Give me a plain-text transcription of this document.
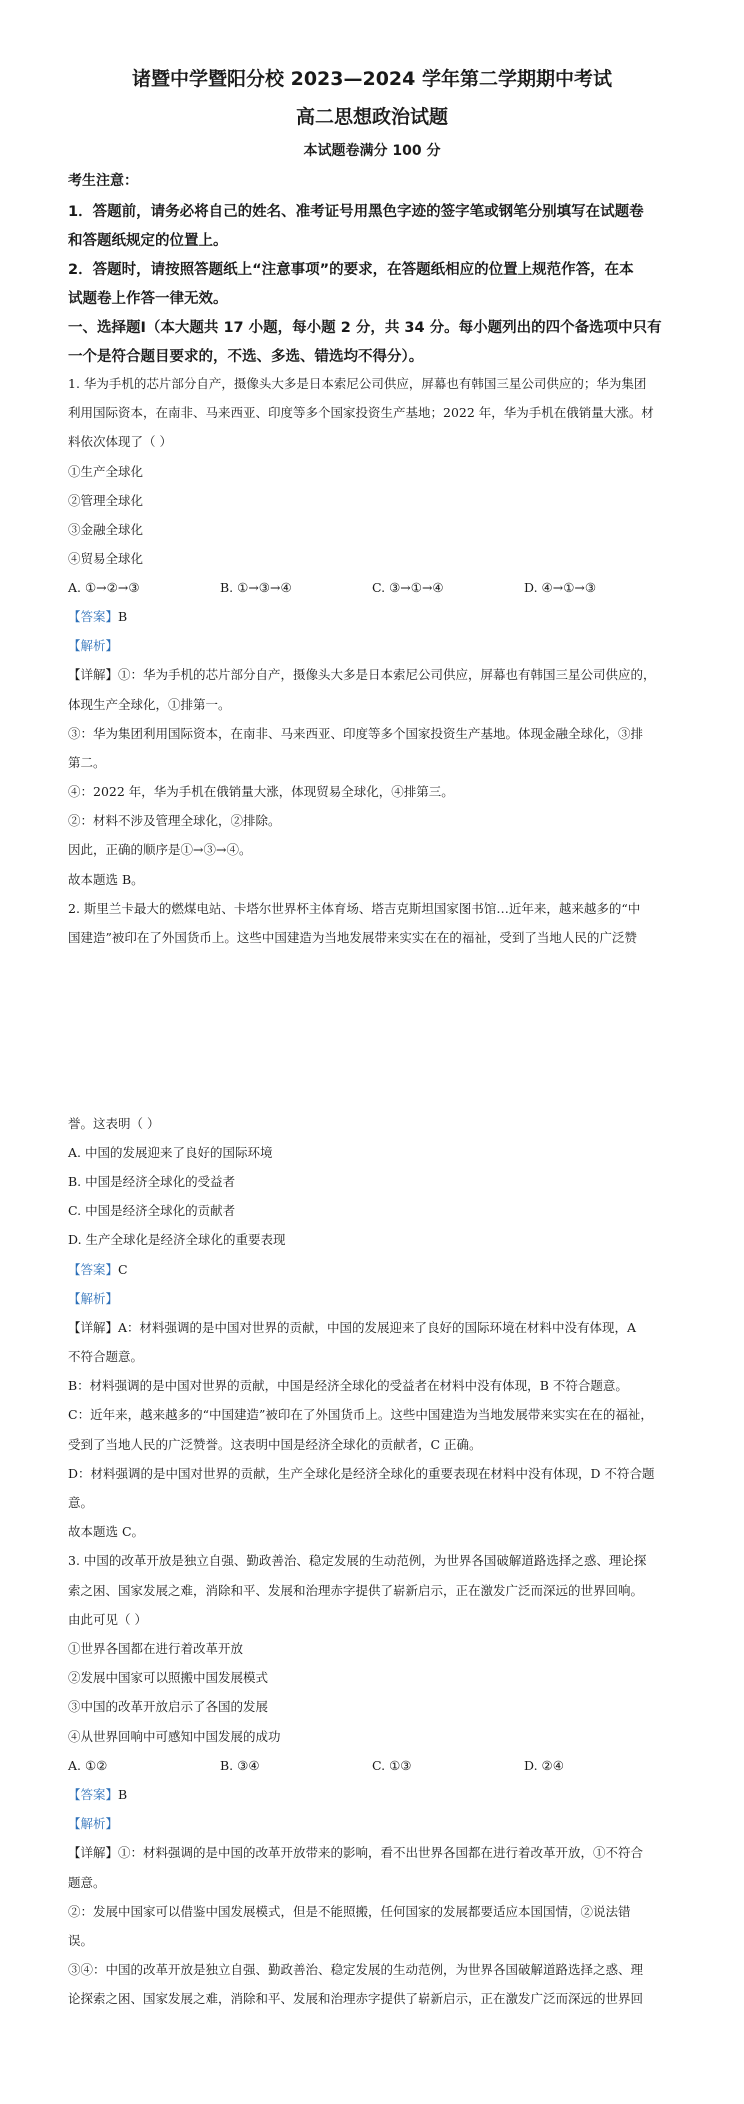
诸暨中学暨阳分校 2023—2024 学年第二学期期中考试
高二思想政治试题
本试题卷满分 100 分
考生注意：
1．答题前，请务必将自己的姓名、准考证号用黑色字迹的签字笔或钢笔分别填写在试题卷
和答题纸规定的位置上。
2．答题时，请按照答题纸上“注意事项”的要求，在答题纸相应的位置上规范作答，在本
试题卷上作答一律无效。
一、选择题Ⅰ（本大题共 17 小题，每小题 2 分，共 34 分。每小题列出的四个备选项中只有
一个是符合题目要求的，不选、多选、错选均不得分）。
1. 华为手机的芯片部分自产，摄像头大多是日本索尼公司供应，屏幕也有韩国三星公司供应的；华为集团
利用国际资本，在南非、马来西亚、印度等多个国家投资生产基地；2022 年，华为手机在俄销量大涨。材
料依次体现了（ ）
①生产全球化
②管理全球化
③金融全球化
④贸易全球化
A. ①→②→③	B. ①→③→④	C. ③→①→④	D. ④→①→③
【答案】B
【解析】
【详解】①：华为手机的芯片部分自产，摄像头大多是日本索尼公司供应，屏幕也有韩国三星公司供应的，
体现生产全球化，①排第一。
③：华为集团利用国际资本，在南非、马来西亚、印度等多个国家投资生产基地。体现金融全球化，③排
第二。
④：2022 年，华为手机在俄销量大涨，体现贸易全球化，④排第三。
②：材料不涉及管理全球化，②排除。
因此，正确的顺序是①→③→④。
故本题选 B。
2. 斯里兰卡最大的燃煤电站、卡塔尔世界杯主体育场、塔吉克斯坦国家图书馆…近年来，越来越多的“中
国建造”被印在了外国货币上。这些中国建造为当地发展带来实实在在的福祉，受到了当地人民的广泛赞
誉。这表明（ ）
A. 中国的发展迎来了良好的国际环境
B. 中国是经济全球化的受益者
C. 中国是经济全球化的贡献者
D. 生产全球化是经济全球化的重要表现
【答案】C
【解析】
【详解】A：材料强调的是中国对世界的贡献，中国的发展迎来了良好的国际环境在材料中没有体现，A
不符合题意。
B：材料强调的是中国对世界的贡献，中国是经济全球化的受益者在材料中没有体现，B 不符合题意。
C：近年来，越来越多的“中国建造”被印在了外国货币上。这些中国建造为当地发展带来实实在在的福祉，
受到了当地人民的广泛赞誉。这表明中国是经济全球化的贡献者，C 正确。
D：材料强调的是中国对世界的贡献，生产全球化是经济全球化的重要表现在材料中没有体现，D 不符合题
意。
故本题选 C。
3. 中国的改革开放是独立自强、勤政善治、稳定发展的生动范例，为世界各国破解道路选择之惑、理论探
索之困、国家发展之难，消除和平、发展和治理赤字提供了崭新启示，正在激发广泛而深远的世界回响。
由此可见（ ）
①世界各国都在进行着改革开放
②发展中国家可以照搬中国发展模式
③中国的改革开放启示了各国的发展
④从世界回响中可感知中国发展的成功
A. ①②	B. ③④	C. ①③	D. ②④
【答案】B
【解析】
【详解】①：材料强调的是中国的改革开放带来的影响，看不出世界各国都在进行着改革开放，①不符合
题意。
②：发展中国家可以借鉴中国发展模式，但是不能照搬，任何国家的发展都要适应本国国情，②说法错
误。
③④：中国的改革开放是独立自强、勤政善治、稳定发展的生动范例，为世界各国破解道路选择之惑、理
论探索之困、国家发展之难，消除和平、发展和治理赤字提供了崭新启示，正在激发广泛而深远的世界回
